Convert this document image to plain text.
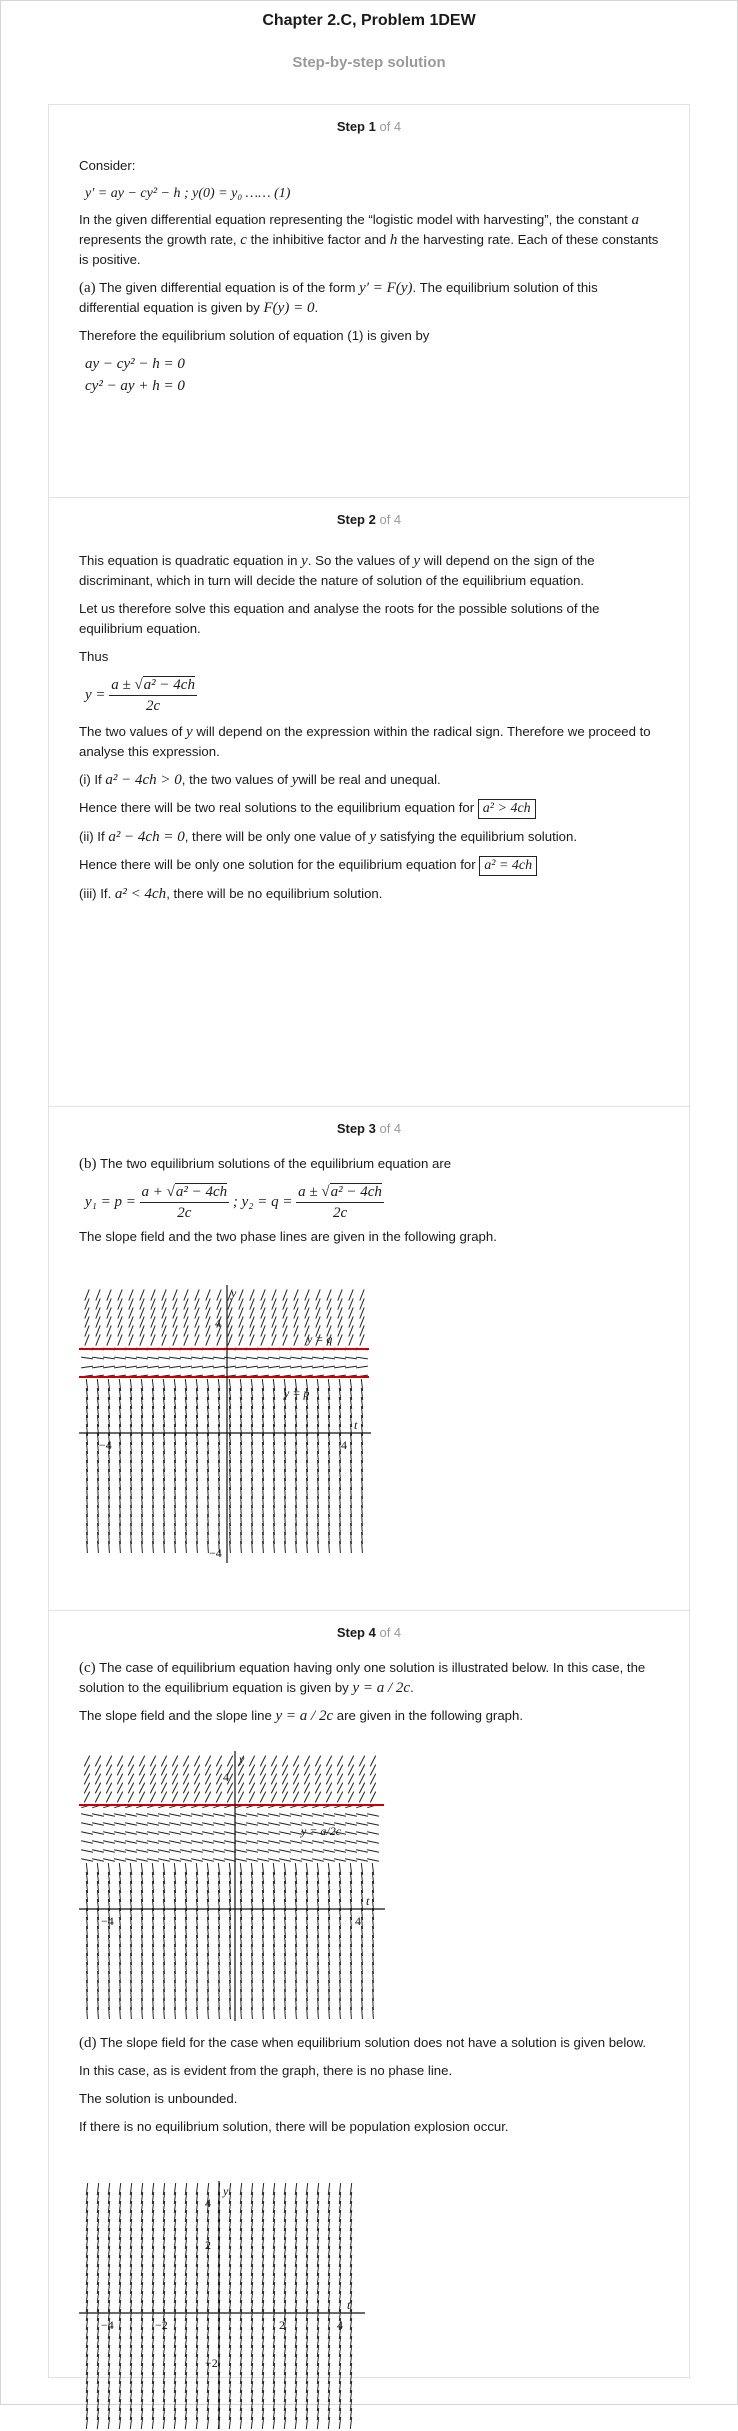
Chapter 2.C, Problem 1DEW
Step-by-step solution
Step 1 of 4

Consider:

y′ = ay − cy² − h ; y(0) = y₀ …… (1)

In the given differential equation representing the “logistic model with harvesting”, the constant a represents the growth rate, c the inhibitive factor and h the harvesting rate. Each of these constants is positive.

(a) The given differential equation is of the form y′ = F(y). The equilibrium solution of this differential equation is given by F(y) = 0.

Therefore the equilibrium solution of equation (1) is given by

ay − cy² − h = 0
cy² − ay + h = 0
Step 2 of 4

This equation is quadratic equation in y. So the values of y will depend on the sign of the discriminant, which in turn will decide the nature of solution of the equilibrium equation.

Let us therefore solve this equation and analyse the roots for the possible solutions of the equilibrium equation.

Thus

$y = \frac{\text{a ± √a² − 4ch}}{2c}$

The two values of y will depend on the expression within the radical sign. Therefore we proceed to analyse this expression.

(i) If a² − 4ch > 0, the two values of ywill be real and unequal.

Hence there will be two real solutions to the equilibrium equation for a² > 4ch

(ii) If a² − 4ch = 0, there will be only one value of y satisfying the equilibrium solution.

Hence there will be only one solution for the equilibrium equation for a² = 4ch

(iii) If. a² < 4ch, there will be no equilibrium solution.

Step 3 of 4

(b) The two equilibrium solutions of the equilibrium equation are

$y_1 = p = \frac{\text{a + √a² − 4ch}}{2c}$ ; $y_2 = q = \frac{\text{a ± √a² − 4ch}}{2c}$

The slope field and the two phase lines are given in the following graph.

y
t
y = q
y = p
4
−4
−4	4
Step 4 of 4

(c) The case of equilibrium equation having only one solution is illustrated below. In this case, the solution to the equilibrium equation is given by y = a / 2c.

The slope field and the slope line y = a / 2c are given in the following graph.

y
t
y = a/2c
4
−4	4

(d) The slope field for the case when equilibrium solution does not have a solution is given below.

In this case, as is evident from the graph, there is no phase line.

The solution is unbounded.

If there is no equilibrium solution, there will be population explosion occur.

y
t
4
2
−2
−4	−2	2	4
